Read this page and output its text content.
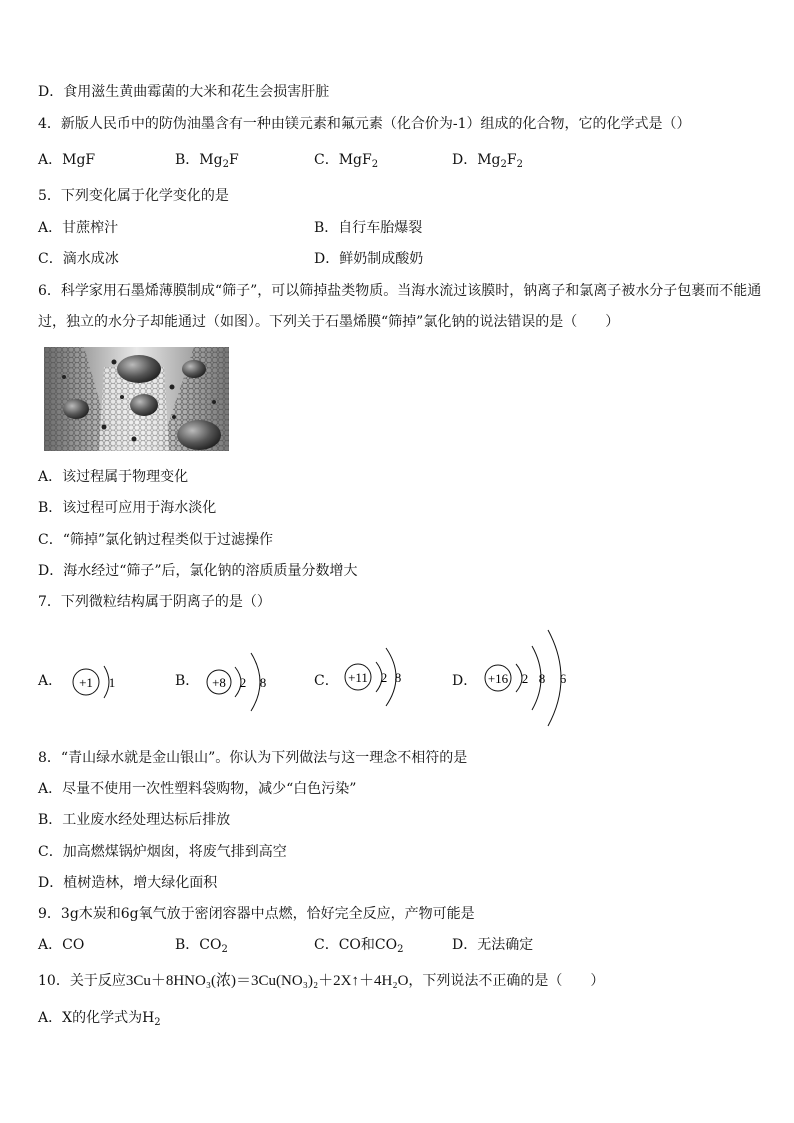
D．食用滋生黄曲霉菌的大米和花生会损害肝脏
4．新版人民币中的防伪油墨含有一种由镁元素和氟元素（化合价为-1）组成的化合物，它的化学式是（）
A．MgF	B．$Mg_2F$	C．MgF$_2$	D．$Mg_2F_2$
5．下列变化属于化学变化的是
A．甘蔗榨汁	B．自行车胎爆裂
C．滴水成冰	D．鲜奶制成酸奶
6．科学家用石墨烯薄膜制成“筛子”，可以筛掉盐类物质。当海水流过该膜时，钠离子和氯离子被水分子包裹而不能通
过，独立的水分子却能通过（如图）。下列关于石墨烯膜“筛掉”氯化钠的说法错误的是（　　）
A．该过程属于物理变化
B．该过程可应用于海水淡化
C．“筛掉”氯化钠过程类似于过滤操作
D．海水经过“筛子”后，氯化钠的溶质质量分数增大
7．下列微粒结构属于阴离子的是（）
A．	B．	C．	D．
+1 1	+8 2 8	+11 2 8	+16 2 8 6
8．“青山绿水就是金山银山”。你认为下列做法与这一理念不相符的是
A．尽量不使用一次性塑料袋购物，减少“白色污染”
B．工业废水经处理达标后排放
C．加高燃煤锅炉烟囱，将废气排到高空
D．植树造林，增大绿化面积
9．3g木炭和6g氧气放于密闭容器中点燃，恰好完全反应，产物可能是
A．CO	B．$CO_2$	C．CO和$CO_2$	D．无法确定
10．关于反应3Cu＋8HNO₃(浓)＝3Cu(NO₃)₂＋2X↑＋4H₂O，下列说法不正确的是（　　）
A．X的化学式为$H_2$
